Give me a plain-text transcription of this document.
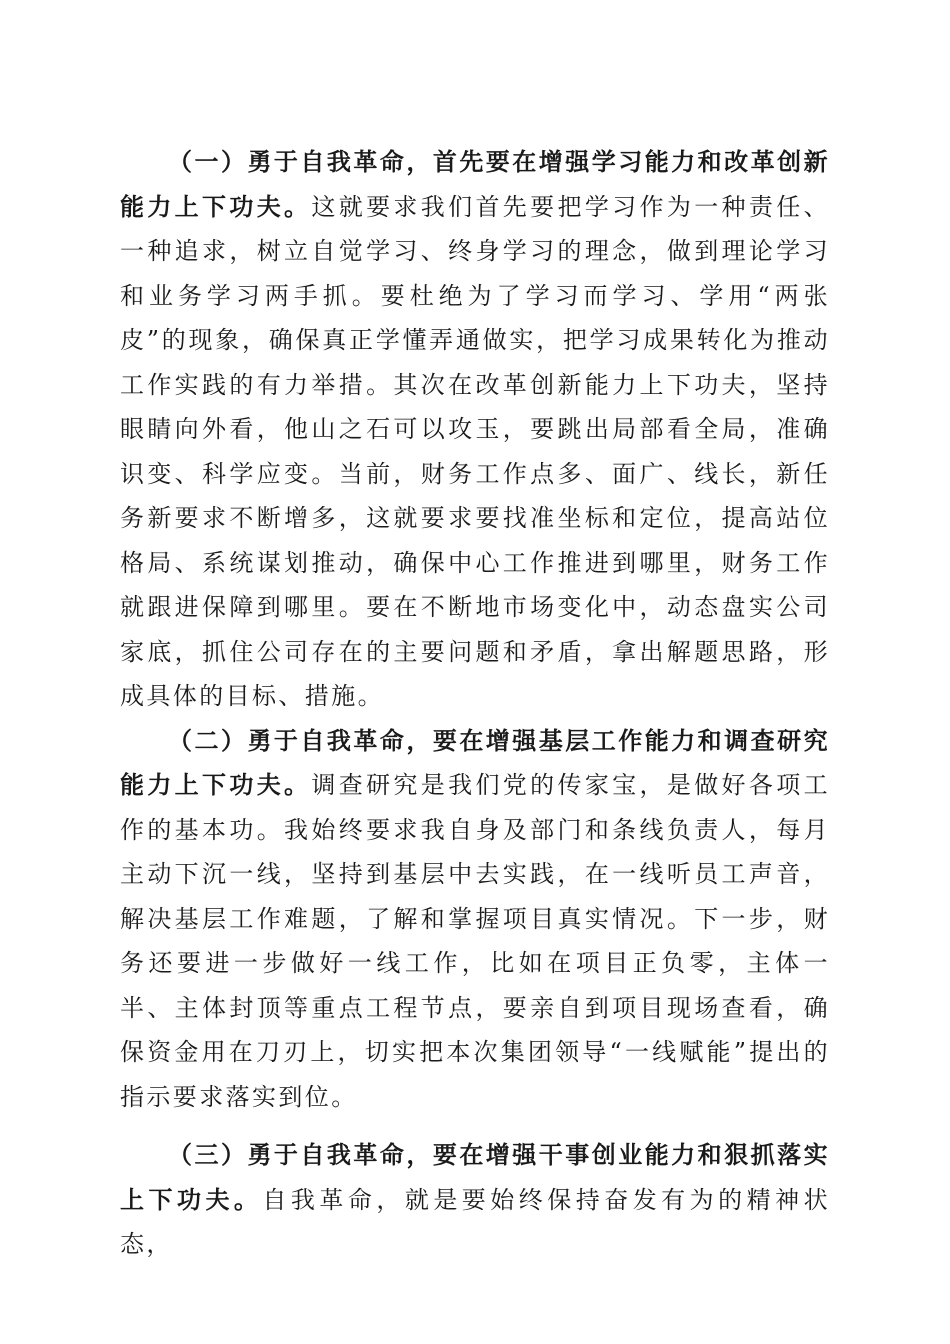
（一）勇于自我革命，首先要在增强学习能力和改革创新能力上下功夫。这就要求我们首先要把学习作为一种责任、一种追求，树立自觉学习、终身学习的理念，做到理论学习和业务学习两手抓。要杜绝为了学习而学习、学用“两张皮”的现象，确保真正学懂弄通做实，把学习成果转化为推动工作实践的有力举措。其次在改革创新能力上下功夫，坚持眼睛向外看，他山之石可以攻玉，要跳出局部看全局，准确识变、科学应变。当前，财务工作点多、面广、线长，新任务新要求不断增多，这就要求要找准坐标和定位，提高站位格局、系统谋划推动，确保中心工作推进到哪里，财务工作就跟进保障到哪里。要在不断地市场变化中，动态盘实公司家底，抓住公司存在的主要问题和矛盾，拿出解题思路，形成具体的目标、措施。

（二）勇于自我革命，要在增强基层工作能力和调查研究能力上下功夫。调查研究是我们党的传家宝，是做好各项工作的基本功。我始终要求我自身及部门和条线负责人，每月主动下沉一线，坚持到基层中去实践，在一线听员工声音，解决基层工作难题，了解和掌握项目真实情况。下一步，财务还要进一步做好一线工作，比如在项目正负零，主体一半、主体封顶等重点工程节点，要亲自到项目现场查看，确保资金用在刀刃上，切实把本次集团领导“一线赋能”提出的指示要求落实到位。

（三）勇于自我革命，要在增强干事创业能力和狠抓落实上下功夫。自我革命，就是要始终保持奋发有为的精神状态，
